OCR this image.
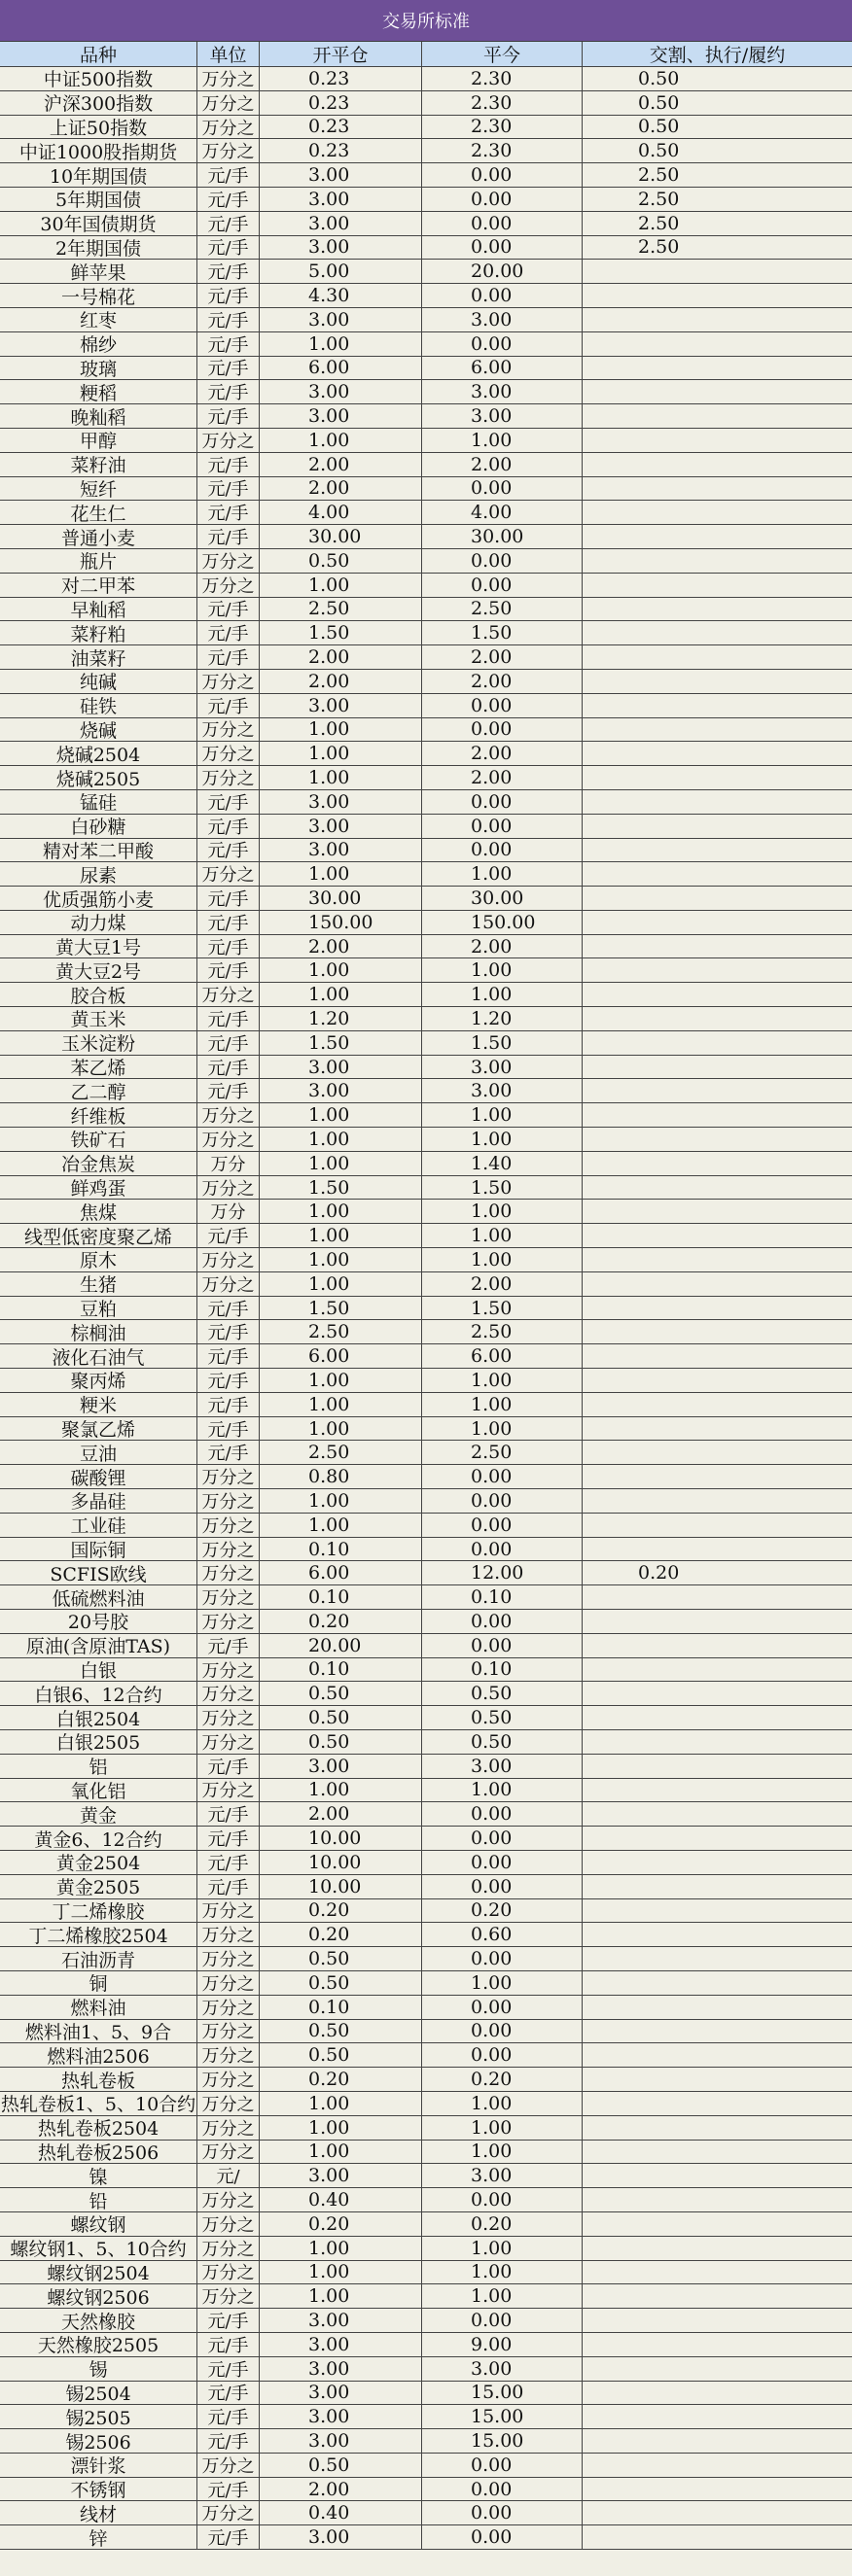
交易所标准
品种	单位	开平仓	平今	交割、执行/履约
中证500指数	万分之	0.23	2.30	0.50
沪深300指数	万分之	0.23	2.30	0.50
上证50指数	万分之	0.23	2.30	0.50
中证1000股指期货	万分之	0.23	2.30	0.50
10年期国债	元/手	3.00	0.00	2.50
5年期国债	元/手	3.00	0.00	2.50
30年国债期货	元/手	3.00	0.00	2.50
2年期国债	元/手	3.00	0.00	2.50
鲜苹果	元/手	5.00	20.00
一号棉花	元/手	4.30	0.00
红枣	元/手	3.00	3.00
棉纱	元/手	1.00	0.00
玻璃	元/手	6.00	6.00
粳稻	元/手	3.00	3.00
晚籼稻	元/手	3.00	3.00
甲醇	万分之	1.00	1.00
菜籽油	元/手	2.00	2.00
短纤	元/手	2.00	0.00
花生仁	元/手	4.00	4.00
普通小麦	元/手	30.00	30.00
瓶片	万分之	0.50	0.00
对二甲苯	万分之	1.00	0.00
早籼稻	元/手	2.50	2.50
菜籽粕	元/手	1.50	1.50
油菜籽	元/手	2.00	2.00
纯碱	万分之	2.00	2.00
硅铁	元/手	3.00	0.00
烧碱	万分之	1.00	0.00
烧碱2504	万分之	1.00	2.00
烧碱2505	万分之	1.00	2.00
锰硅	元/手	3.00	0.00
白砂糖	元/手	3.00	0.00
精对苯二甲酸	元/手	3.00	0.00
尿素	万分之	1.00	1.00
优质强筋小麦	元/手	30.00	30.00
动力煤	元/手	150.00	150.00
黄大豆1号	元/手	2.00	2.00
黄大豆2号	元/手	1.00	1.00
胶合板	万分之	1.00	1.00
黄玉米	元/手	1.20	1.20
玉米淀粉	元/手	1.50	1.50
苯乙烯	元/手	3.00	3.00
乙二醇	元/手	3.00	3.00
纤维板	万分之	1.00	1.00
铁矿石	万分之	1.00	1.00
冶金焦炭	万分	1.00	1.40
鲜鸡蛋	万分之	1.50	1.50
焦煤	万分	1.00	1.00
线型低密度聚乙烯	元/手	1.00	1.00
原木	万分之	1.00	1.00
生猪	万分之	1.00	2.00
豆粕	元/手	1.50	1.50
棕榈油	元/手	2.50	2.50
液化石油气	元/手	6.00	6.00
聚丙烯	元/手	1.00	1.00
粳米	元/手	1.00	1.00
聚氯乙烯	元/手	1.00	1.00
豆油	元/手	2.50	2.50
碳酸锂	万分之	0.80	0.00
多晶硅	万分之	1.00	0.00
工业硅	万分之	1.00	0.00
国际铜	万分之	0.10	0.00
SCFIS欧线	万分之	6.00	12.00	0.20
低硫燃料油	万分之	0.10	0.10
20号胶	万分之	0.20	0.00
原油(含原油TAS)	元/手	20.00	0.00
白银	万分之	0.10	0.10
白银6、12合约	万分之	0.50	0.50
白银2504	万分之	0.50	0.50
白银2505	万分之	0.50	0.50
铝	元/手	3.00	3.00
氧化铝	万分之	1.00	1.00
黄金	元/手	2.00	0.00
黄金6、12合约	元/手	10.00	0.00
黄金2504	元/手	10.00	0.00
黄金2505	元/手	10.00	0.00
丁二烯橡胶	万分之	0.20	0.20
丁二烯橡胶2504	万分之	0.20	0.60
石油沥青	万分之	0.50	0.00
铜	万分之	0.50	1.00
燃料油	万分之	0.10	0.00
燃料油1、5、9合	万分之	0.50	0.00
燃料油2506	万分之	0.50	0.00
热轧卷板	万分之	0.20	0.20
热轧卷板1、5、10合约 万分之	1.00	1.00
热轧卷板2504	万分之	1.00	1.00
热轧卷板2506	万分之	1.00	1.00
镍	元/	3.00	3.00
铅	万分之	0.40	0.00
螺纹钢	万分之	0.20	0.20
螺纹钢1、5、10合约 万分之	1.00	1.00
螺纹钢2504	万分之	1.00	1.00
螺纹钢2506	万分之	1.00	1.00
天然橡胶	元/手	3.00	0.00
天然橡胶2505	元/手	3.00	9.00
锡	元/手	3.00	3.00
锡2504	元/手	3.00	15.00
锡2505	元/手	3.00	15.00
锡2506	元/手	3.00	15.00
漂针浆	万分之	0.50	0.00
不锈钢	元/手	2.00	0.00
线材	万分之	0.40	0.00
锌	元/手	3.00	0.00
